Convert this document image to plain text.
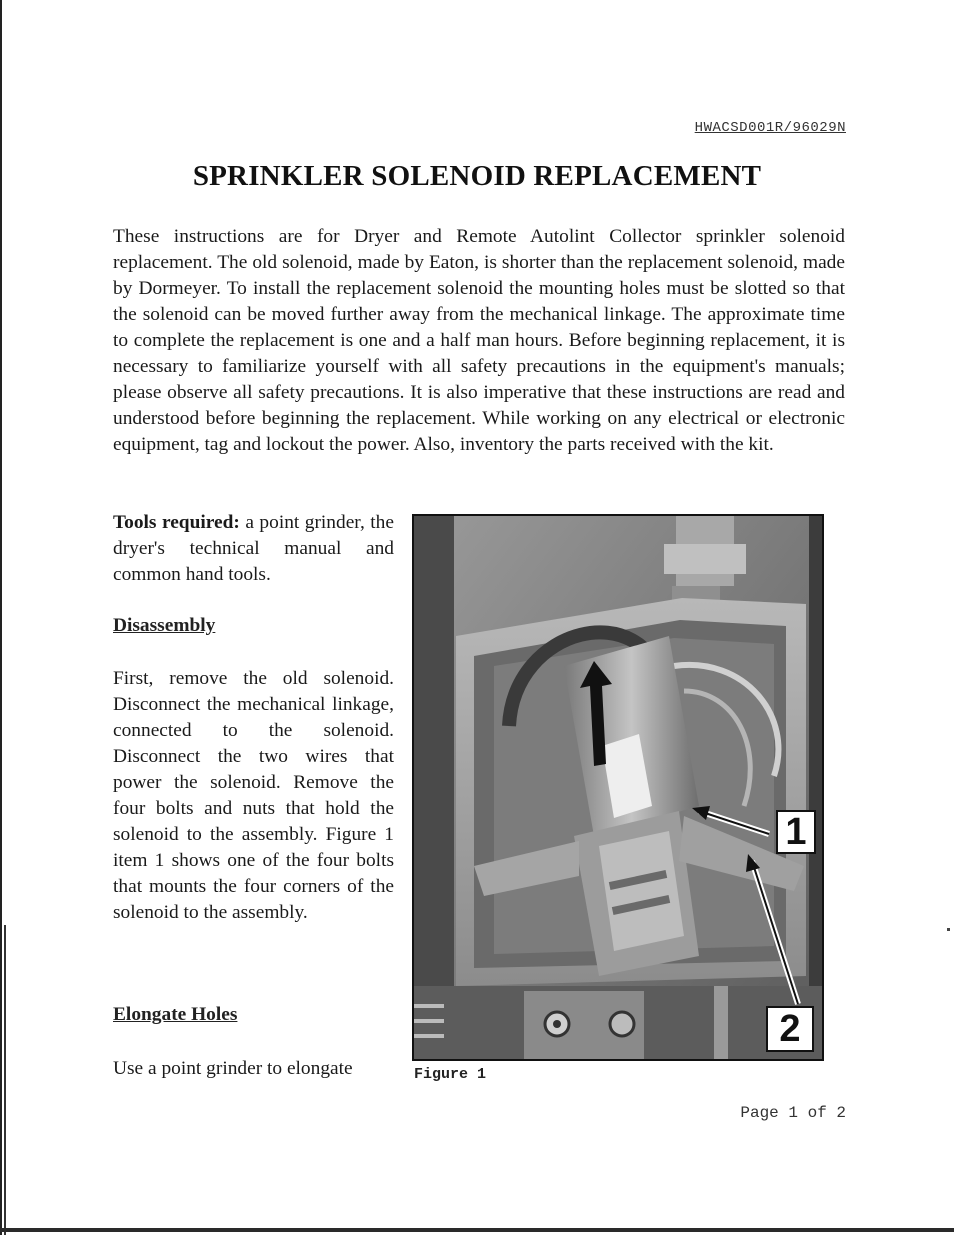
HWACSD001R/96029N
SPRINKLER SOLENOID REPLACEMENT

These instructions are for Dryer and Remote Autolint Collector sprinkler solenoid replacement. The old solenoid, made by Eaton, is shorter than the replacement solenoid, made by Dormeyer. To install the replacement solenoid the mounting holes must be slotted so that the solenoid can be moved further away from the mechanical linkage. The approximate time to complete the replacement is one and a half man hours. Before beginning replacement, it is necessary to familiarize yourself with all safety precautions in the equipment's manuals; please observe all safety precautions. It is also imperative that these instructions are read and understood before beginning the replacement. While working on any electrical or electronic equipment, tag and lockout the power. Also, inventory the parts received with the kit.

Tools required: a point grinder, the dryer's technical manual and common hand tools.

Disassembly

First, remove the old solenoid. Disconnect the mechanical linkage, connected to the solenoid. Disconnect the two wires that power the solenoid. Remove the four bolts and nuts that hold the solenoid to the assembly. Figure 1 item 1 shows one of the four bolts that mounts the four corners of the solenoid to the assembly.

Elongate Holes

Use a point grinder to elongate

1
2
Figure 1
Page 1 of 2
